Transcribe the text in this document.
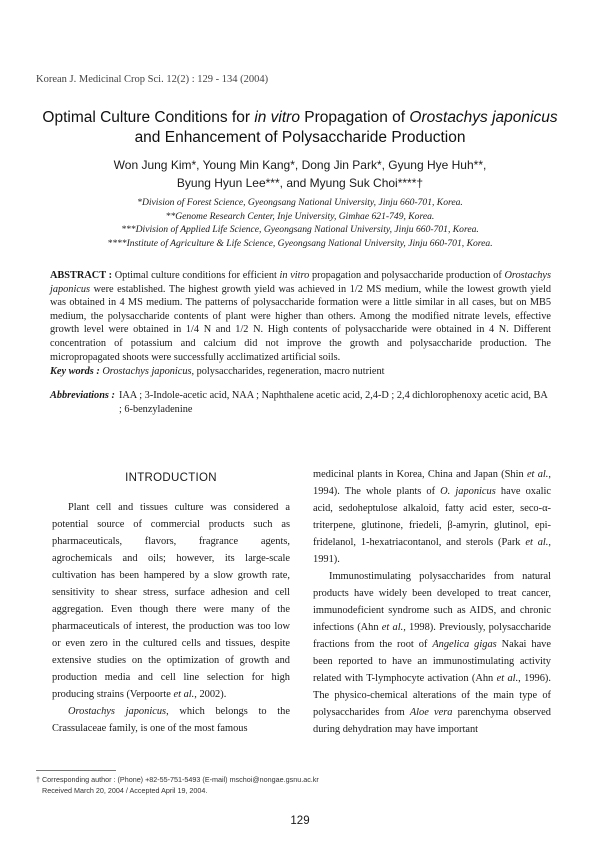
Korean J. Medicinal Crop Sci. 12(2) : 129 - 134 (2004)
Optimal Culture Conditions for in vitro Propagation of Orostachys japonicus and Enhancement of Polysaccharide Production
Won Jung Kim*, Young Min Kang*, Dong Jin Park*, Gyung Hye Huh**,
Byung Hyun Lee***, and Myung Suk Choi****†
*Division of Forest Science, Gyeongsang National University, Jinju 660-701, Korea.
**Genome Research Center, Inje University, Gimhae 621-749, Korea.
***Division of Applied Life Science, Gyeongsang National University, Jinju 660-701, Korea.
****Institute of Agriculture & Life Science, Gyeongsang National University, Jinju 660-701, Korea.
ABSTRACT : Optimal culture conditions for efficient in vitro propagation and polysaccharide production of Orostachys japonicus were established. The highest growth yield was achieved in 1/2 MS medium, while the lowest growth yield was obtained in 4 MS medium. The patterns of polysaccharide formation were a little similar in all cases, but on MB5 medium, the polysaccharide contents of plant were higher than others. Among the modified nitrate levels, effective growth level were obtained in 1/4 N and 1/2 N. High contents of polysaccharide were obtained in 4 N. Different concentration of potassium and calcium did not improve the growth and polysaccharide production. The micropropagated shoots were successfully acclimatized artificial soils.
Key words : Orostachys japonicus, polysaccharides, regeneration, macro nutrient
Abbreviations : IAA ; 3-Indole-acetic acid, NAA ; Naphthalene acetic acid, 2,4-D ; 2,4 dichlorophenoxy acetic acid, BA ; 6-benzyladenine
INTRODUCTION

Plant cell and tissues culture was considered a potential source of commercial products such as pharmaceuticals, flavors, fragrance agents, agrochemicals and oils; however, its large-scale cultivation has been hampered by a slow growth rate, sensitivity to shear stress, surface adhesion and cell aggregation. Even though there were many of the pharmaceuticals of interest, the production was too low or even zero in the cultured cells and tissues, despite extensive studies on the optimization of growth and production media and cell line selection for high producing strains (Verpoorte et al., 2002).

Orostachys japonicus, which belongs to the Crassulaceae family, is one of the most famous

medicinal plants in Korea, China and Japan (Shin et al., 1994). The whole plants of O. japonicus have oxalic acid, sedoheptulose alkaloid, fatty acid ester, seco-α-triterpene, glutinone, friedeli, β-amyrin, glutinol, epi-fridelanol, 1-hexatriacontanol, and sterols (Park et al., 1991).

Immunostimulating polysaccharides from natural products have widely been developed to treat cancer, immunodeficient syndrome such as AIDS, and chronic infections (Ahn et al., 1998). Previously, polysaccharide fractions from the root of Angelica gigas Nakai have been reported to have an immunostimulating activity related with T-lymphocyte activation (Ahn et al., 1996). The physico-chemical alterations of the main type of polysaccharides from Aloe vera parenchyma observed during dehydration may have important

† Corresponding author : (Phone) +82-55-751-5493 (E-mail) mschoi@nongae.gsnu.ac.kr
Received March 20, 2004 / Accepted April 19, 2004.
129
